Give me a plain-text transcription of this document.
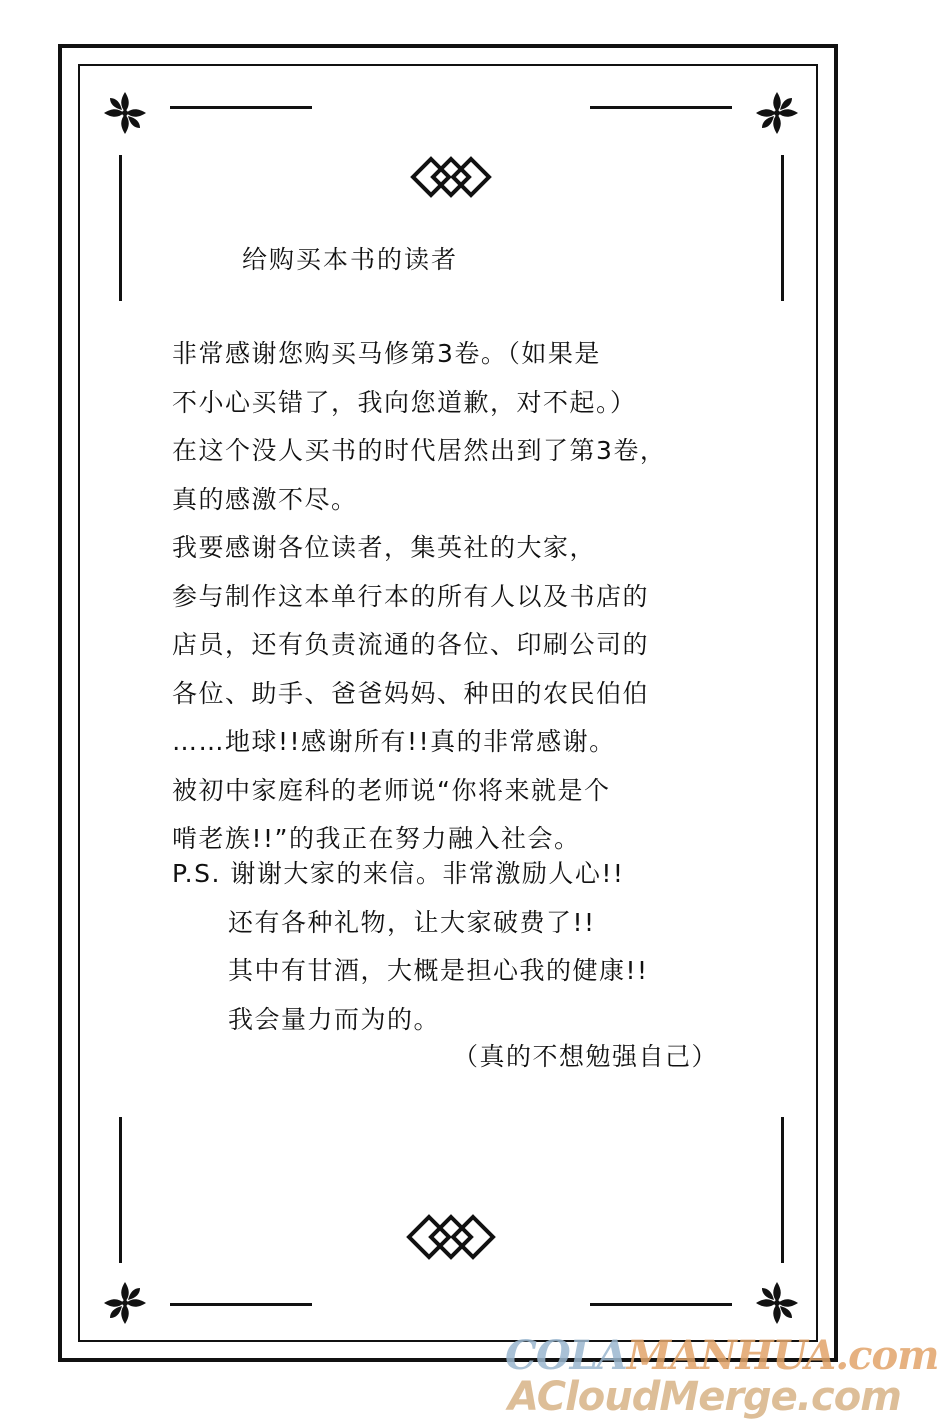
给购买本书的读者
非常感谢您购买马修第3卷。（如果是
不小心买错了，我向您道歉，对不起。）
在这个没人买书的时代居然出到了第3卷，
真的感激不尽。
我要感谢各位读者，集英社的大家，
参与制作这本单行本的所有人以及书店的
店员，还有负责流通的各位、印刷公司的
各位、助手、爸爸妈妈、种田的农民伯伯
……地球!!感谢所有!!真的非常感谢。
被初中家庭科的老师说“你将来就是个
啃老族!!”的我正在努力融入社会。
P.S. 谢谢大家的来信。非常激励人心!!
还有各种礼物，让大家破费了!!
其中有甘酒，大概是担心我的健康!!
我会量力而为的。
（真的不想勉强自己）
COLAMANHUA.com
ACloudMerge.com
